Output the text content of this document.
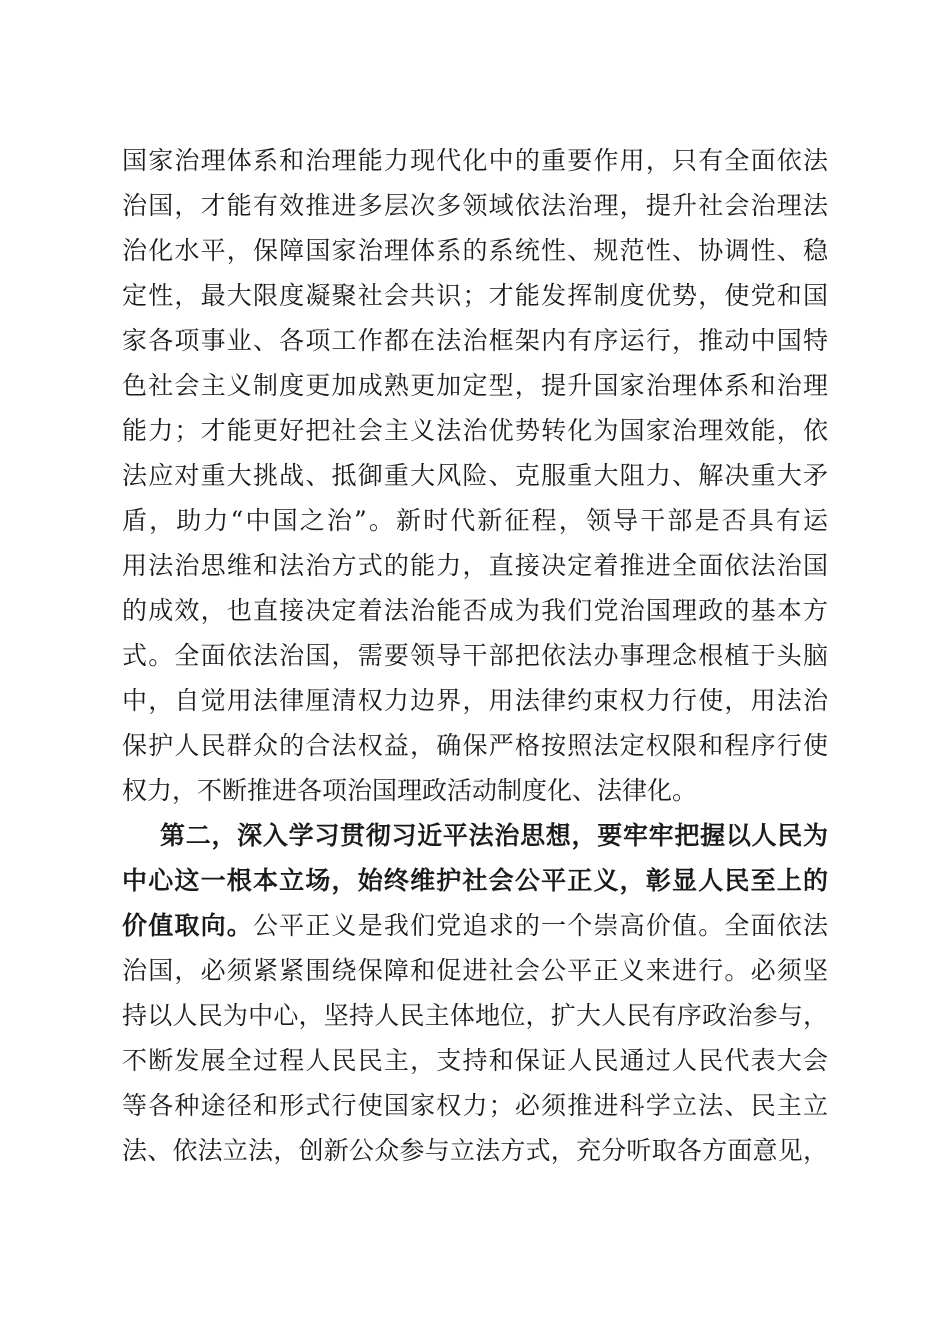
国家治理体系和治理能力现代化中的重要作用，只有全面依法
治国，才能有效推进多层次多领域依法治理，提升社会治理法
治化水平，保障国家治理体系的系统性、规范性、协调性、稳
定性，最大限度凝聚社会共识；才能发挥制度优势，使党和国
家各项事业、各项工作都在法治框架内有序运行，推动中国特
色社会主义制度更加成熟更加定型，提升国家治理体系和治理
能力；才能更好把社会主义法治优势转化为国家治理效能，依
法应对重大挑战、抵御重大风险、克服重大阻力、解决重大矛
盾，助力“中国之治”。新时代新征程，领导干部是否具有运
用法治思维和法治方式的能力，直接决定着推进全面依法治国
的成效，也直接决定着法治能否成为我们党治国理政的基本方
式。全面依法治国，需要领导干部把依法办事理念根植于头脑
中，自觉用法律厘清权力边界，用法律约束权力行使，用法治
保护人民群众的合法权益，确保严格按照法定权限和程序行使
权力，不断推进各项治国理政活动制度化、法律化。
第二，深入学习贯彻习近平法治思想，要牢牢把握以人民为
中心这一根本立场，始终维护社会公平正义，彰显人民至上的
价值取向。公平正义是我们党追求的一个崇高价值。全面依法
治国，必须紧紧围绕保障和促进社会公平正义来进行。必须坚
持以人民为中心，坚持人民主体地位，扩大人民有序政治参与，
不断发展全过程人民民主，支持和保证人民通过人民代表大会
等各种途径和形式行使国家权力；必须推进科学立法、民主立
法、依法立法，创新公众参与立法方式，充分听取各方面意见，
